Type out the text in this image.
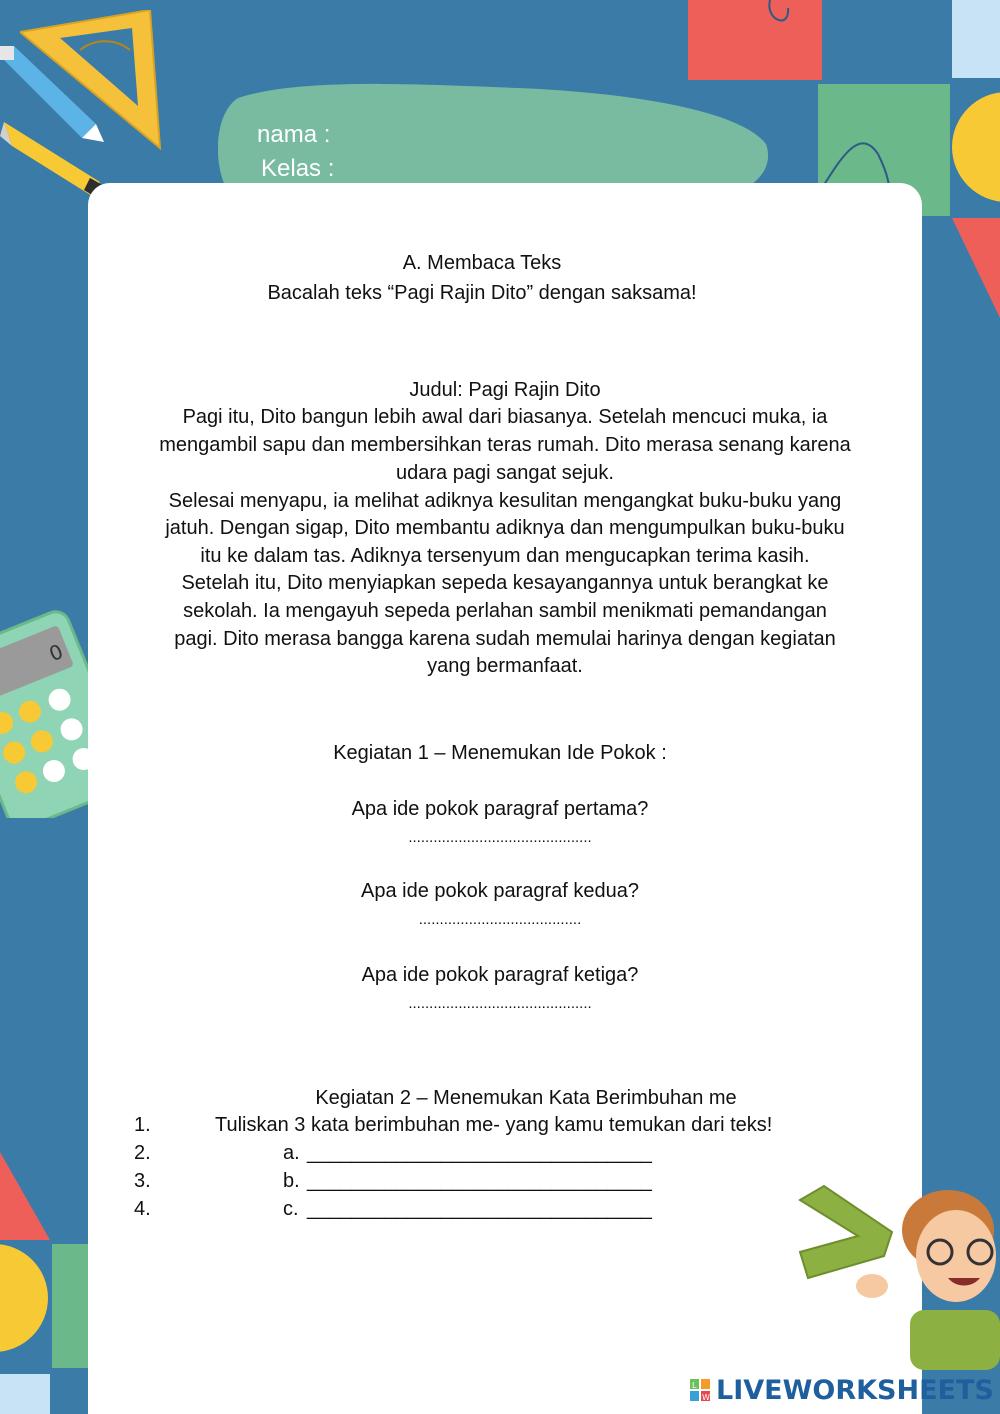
nama :
Kelas :
0
A. Membaca Teks
Bacalah teks “Pagi Rajin Dito” dengan saksama!
Judul: Pagi Rajin Dito
Pagi itu, Dito bangun lebih awal dari biasanya. Setelah mencuci muka, ia
mengambil sapu dan membersihkan teras rumah. Dito merasa senang karena
udara pagi sangat sejuk.
Selesai menyapu, ia melihat adiknya kesulitan mengangkat buku-buku yang
jatuh. Dengan sigap, Dito membantu adiknya dan mengumpulkan buku-buku
itu ke dalam tas. Adiknya tersenyum dan mengucapkan terima kasih.
Setelah itu, Dito menyiapkan sepeda kesayangannya untuk berangkat ke
sekolah. Ia mengayuh sepeda perlahan sambil menikmati pemandangan
pagi. Dito merasa bangga karena sudah memulai harinya dengan kegiatan
yang bermanfaat.
Kegiatan 1 – Menemukan Ide Pokok :
Apa ide pokok paragraf pertama?
............................................
Apa ide pokok paragraf kedua?
.......................................
Apa ide pokok paragraf ketiga?
............................................
Kegiatan 2 – Menemukan Kata Berimbuhan me
1.	Tuliskan 3 kata berimbuhan me- yang kamu temukan dari teks!
2.	a. _______________________________
3.	b. _______________________________
4.	c. _______________________________
L
W LIVEWORKSHEETS
